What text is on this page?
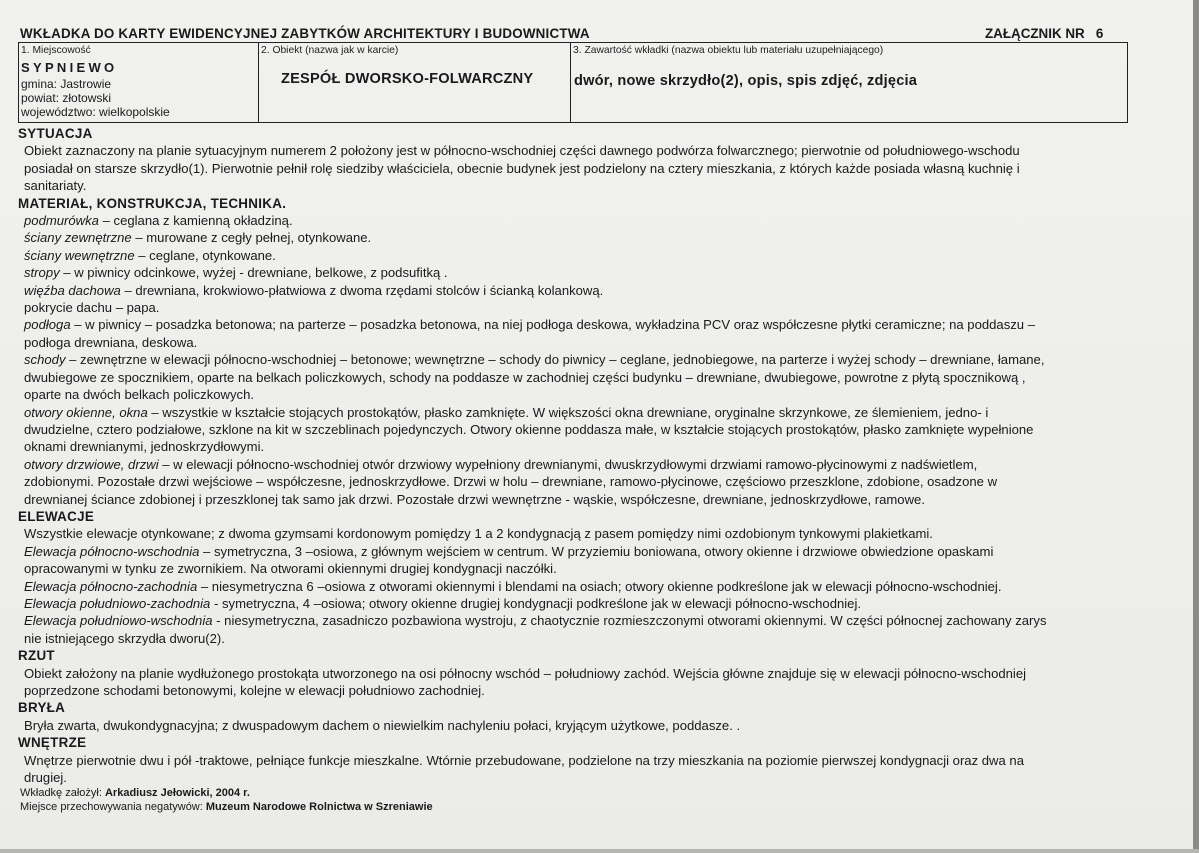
WKŁADKA DO KARTY EWIDENCYJNEJ ZABYTKÓW ARCHITEKTURY I BUDOWNICTWA	ZAŁĄCZNIK NR   6
1. Miejscowość
SYPNIEWO
gmina: Jastrowie
powiat: złotowski
województwo: wielkopolskie
2. Obiekt (nazwa jak w karcie)
ZESPÓŁ DWORSKO-FOLWARCZNY
3. Zawartość wkładki (nazwa obiektu lub materiału uzupełniającego)
dwór, nowe skrzydło(2), opis, spis zdjęć, zdjęcia
SYTUACJA

Obiekt zaznaczony na planie sytuacyjnym numerem 2 położony jest w północno-wschodniej części dawnego podwórza folwarcznego; pierwotnie od południowego-wschodu

posiadał on starsze skrzydło(1). Pierwotnie pełnił rolę siedziby właściciela, obecnie budynek jest podzielony na cztery mieszkania, z których każde posiada własną kuchnię i

sanitariaty.

MATERIAŁ, KONSTRUKCJA, TECHNIKA.

podmurówka – ceglana z kamienną okładziną.

ściany zewnętrzne – murowane z cegły pełnej, otynkowane.

ściany wewnętrzne – ceglane, otynkowane.

stropy – w piwnicy odcinkowe, wyżej - drewniane, belkowe, z podsufitką .

więźba dachowa – drewniana, krokwiowo-płatwiowa z dwoma rzędami stolców i ścianką kolankową.

pokrycie dachu – papa.

podłoga – w piwnicy – posadzka betonowa; na parterze – posadzka betonowa, na niej podłoga deskowa, wykładzina PCV oraz współczesne płytki ceramiczne; na poddaszu –

podłoga drewniana, deskowa.

schody – zewnętrzne w elewacji północno-wschodniej – betonowe; wewnętrzne – schody do piwnicy – ceglane, jednobiegowe, na parterze i wyżej schody – drewniane, łamane,

dwubiegowe ze spocznikiem, oparte na belkach policzkowych, schody na poddasze w zachodniej części budynku – drewniane, dwubiegowe, powrotne z płytą spocznikową ,

oparte na dwóch belkach policzkowych.

otwory okienne, okna – wszystkie w kształcie stojących prostokątów, płasko zamknięte. W większości okna drewniane, oryginalne skrzynkowe, ze ślemieniem, jedno- i

dwudzielne, cztero podziałowe, szklone na kit w szczeblinach pojedynczych. Otwory okienne poddasza małe, w kształcie stojących prostokątów, płasko zamknięte wypełnione

oknami drewnianymi, jednoskrzydłowymi.

otwory drzwiowe, drzwi – w elewacji północno-wschodniej otwór drzwiowy wypełniony drewnianymi, dwuskrzydłowymi drzwiami ramowo-płycinowymi z nadświetlem,

zdobionymi. Pozostałe drzwi wejściowe – współczesne, jednoskrzydłowe. Drzwi w holu – drewniane, ramowo-płycinowe, częściowo przeszklone, zdobione, osadzone w

drewnianej ściance zdobionej i przeszklonej tak samo jak drzwi. Pozostałe drzwi wewnętrzne - wąskie, współczesne, drewniane, jednoskrzydłowe, ramowe.

ELEWACJE

Wszystkie elewacje otynkowane; z dwoma gzymsami kordonowym pomiędzy 1 a 2 kondygnacją z pasem pomiędzy nimi ozdobionym tynkowymi plakietkami.

Elewacja północno-wschodnia – symetryczna, 3 –osiowa, z głównym wejściem w centrum. W przyziemiu boniowana, otwory okienne i drzwiowe obwiedzione opaskami

opracowanymi w tynku ze zwornikiem. Na otworami okiennymi drugiej kondygnacji naczółki.

Elewacja północno-zachodnia – niesymetryczna 6 –osiowa z otworami okiennymi i blendami na osiach; otwory okienne podkreślone jak w elewacji północno-wschodniej.

Elewacja południowo-zachodnia - symetryczna, 4 –osiowa; otwory okienne drugiej kondygnacji podkreślone jak w elewacji północno-wschodniej.

Elewacja południowo-wschodnia - niesymetryczna, zasadniczo pozbawiona wystroju, z chaotycznie rozmieszczonymi otworami okiennymi. W części północnej zachowany zarys

nie istniejącego skrzydła dworu(2).

RZUT

Obiekt założony na planie wydłużonego prostokąta utworzonego na osi północny wschód – południowy zachód. Wejścia główne znajduje się w elewacji północno-wschodniej

poprzedzone schodami betonowymi, kolejne w elewacji południowo zachodniej.

BRYŁA

Bryła zwarta, dwukondygnacyjna; z dwuspadowym dachem o niewielkim nachyleniu połaci, kryjącym użytkowe, poddasze. .

WNĘTRZE

Wnętrze pierwotnie dwu i pół -traktowe, pełniące funkcje mieszkalne. Wtórnie przebudowane, podzielone na trzy mieszkania na poziomie pierwszej kondygnacji oraz dwa na

drugiej.

Wkładkę założył: Arkadiusz Jełowicki, 2004 r.
Miejsce przechowywania negatywów: Muzeum Narodowe Rolnictwa w Szreniawie
